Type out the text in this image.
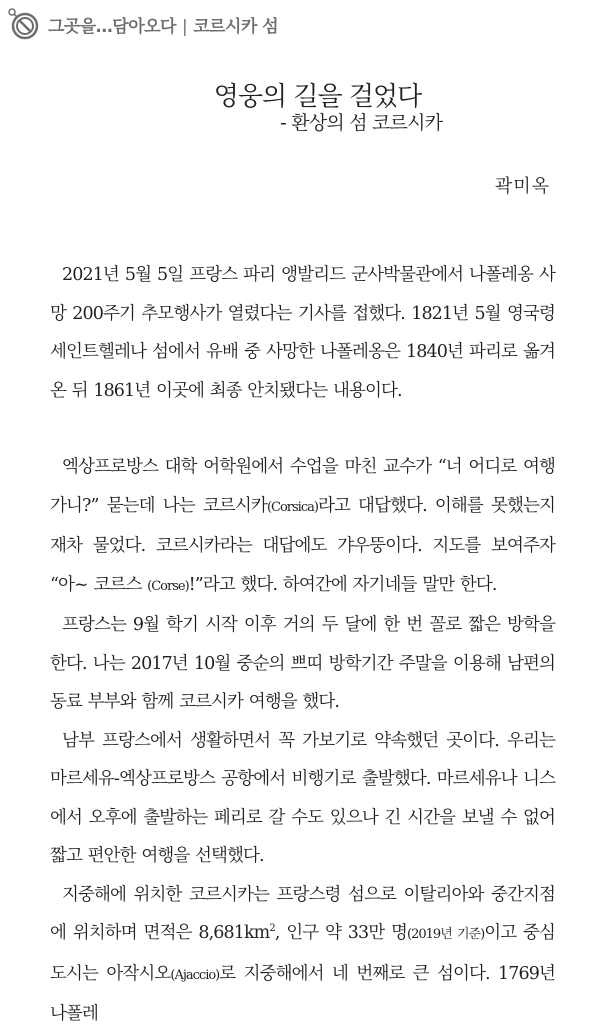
그곳을…담아오다 | 코르시카 섬
영웅의 길을 걸었다
- 환상의 섬 코르시카
곽미옥

2021년 5월 5일 프랑스 파리 앵발리드 군사박물관에서 나폴레옹 사망 200주기 추모행사가 열렸다는 기사를 접했다. 1821년 5월 영국령 세인트헬레나 섬에서 유배 중 사망한 나폴레옹은 1840년 파리로 옮겨 온 뒤 1861년 이곳에 최종 안치됐다는 내용이다.

엑상프로방스 대학 어학원에서 수업을 마친 교수가 “너 어디로 여행 가니?” 묻는데 나는 코르시카(Corsica)라고 대답했다. 이해를 못했는지 재차 물었다. 코르시카라는 대답에도 갸우뚱이다. 지도를 보여주자 “아~ 코르스 (Corse)!”라고 했다. 하여간에 자기네들 말만 한다.

프랑스는 9월 학기 시작 이후 거의 두 달에 한 번 꼴로 짧은 방학을 한다. 나는 2017년 10월 중순의 쁘띠 방학기간 주말을 이용해 남편의 동료 부부와 함께 코르시카 여행을 했다.

남부 프랑스에서 생활하면서 꼭 가보기로 약속했던 곳이다. 우리는 마르세유-엑상프로방스 공항에서 비행기로 출발했다. 마르세유나 니스에서 오후에 출발하는 페리로 갈 수도 있으나 긴 시간을 보낼 수 없어 짧고 편안한 여행을 선택했다.

지중해에 위치한 코르시카는 프랑스령 섬으로 이탈리아와 중간지점에 위치하며 면적은 $8,681km^2$, 인구 약 33만 명(2019년 기준)이고 중심도시는 아작시오(Ajaccio)로 지중해에서 네 번째로 큰 섬이다. 1769년 나폴레
